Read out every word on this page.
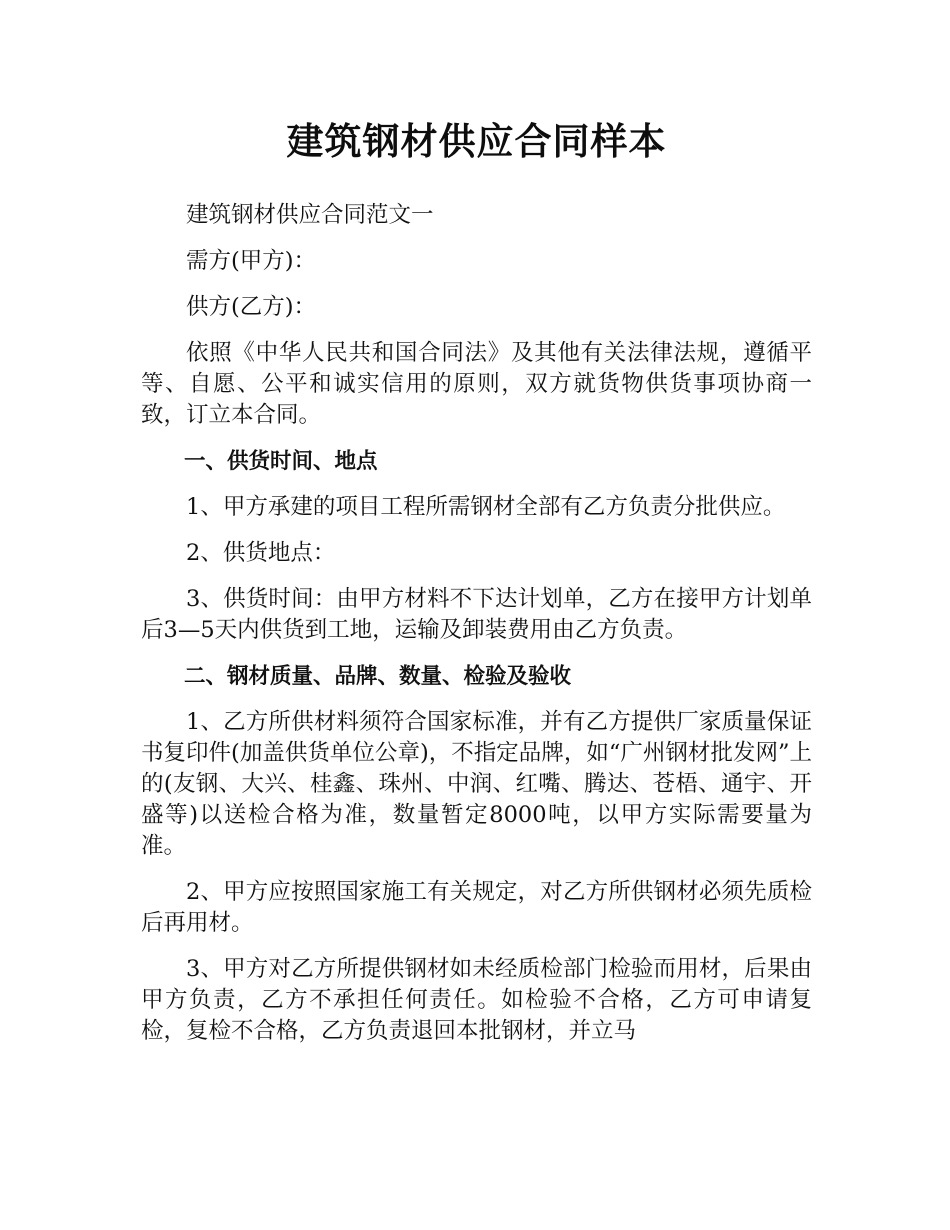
建筑钢材供应合同样本

建筑钢材供应合同范文一

需方(甲方)：

供方(乙方)：

依照《中华人民共和国合同法》及其他有关法律法规，遵循平等、自愿、公平和诚实信用的原则，双方就货物供货事项协商一致，订立本合同。

一、供货时间、地点

1、甲方承建的项目工程所需钢材全部有乙方负责分批供应。

2、供货地点：

3、供货时间：由甲方材料不下达计划单，乙方在接甲方计划单后3—5天内供货到工地，运输及卸装费用由乙方负责。

二、钢材质量、品牌、数量、检验及验收

1、乙方所供材料须符合国家标准，并有乙方提供厂家质量保证书复印件(加盖供货单位公章)，不指定品牌，如“广州钢材批发网”上的(友钢、大兴、桂鑫、珠州、中润、红嘴、腾达、苍梧、通宇、开盛等)以送检合格为准，数量暂定8000吨，以甲方实际需要量为准。

2、甲方应按照国家施工有关规定，对乙方所供钢材必须先质检后再用材。

3、甲方对乙方所提供钢材如未经质检部门检验而用材，后果由甲方负责，乙方不承担任何责任。如检验不合格，乙方可申请复检，复检不合格，乙方负责退回本批钢材，并立马
